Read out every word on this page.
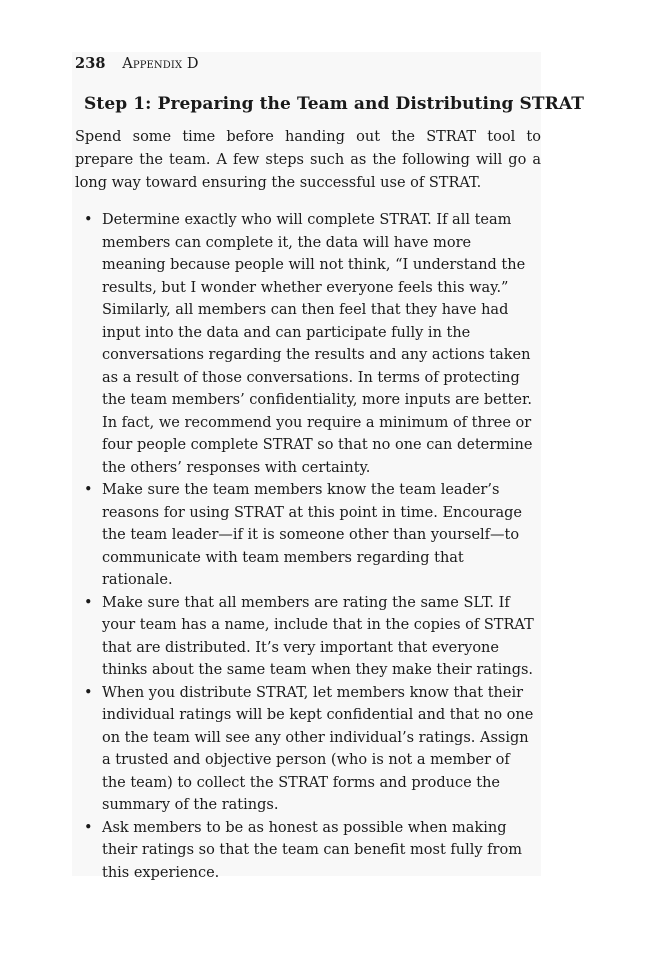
238 Appendix D
Step 1: Preparing the Team and Distributing STRAT

Spend some time before handing out the STRAT tool to prepare the team. A few steps such as the following will go a long way toward ensuring the successful use of STRAT.

• Determine exactly who will complete STRAT. If all team members can complete it, the data will have more meaning because people will not think, “I understand the results, but I wonder whether everyone feels this way.” Similarly, all members can then feel that they have had input into the data and can participate fully in the conversations regarding the results and any actions taken as a result of those conversations. In terms of protecting the team members’ confidentiality, more inputs are better. In fact, we recommend you require a minimum of three or four people complete STRAT so that no one can determine the others’ responses with certainty.
• Make sure the team members know the team leader’s reasons for using STRAT at this point in time. Encourage the team leader—if it is someone other than yourself—to communicate with team members regarding that rationale.
• Make sure that all members are rating the same SLT. If your team has a name, include that in the copies of STRAT that are distributed. It’s very important that everyone thinks about the same team when they make their ratings.
• When you distribute STRAT, let members know that their individual ratings will be kept confidential and that no one on the team will see any other individual’s ratings. Assign a trusted and objective person (who is not a member of the team) to collect the STRAT forms and produce the summary of the ratings.
• Ask members to be as honest as possible when making their ratings so that the team can benefit most fully from this experience.
